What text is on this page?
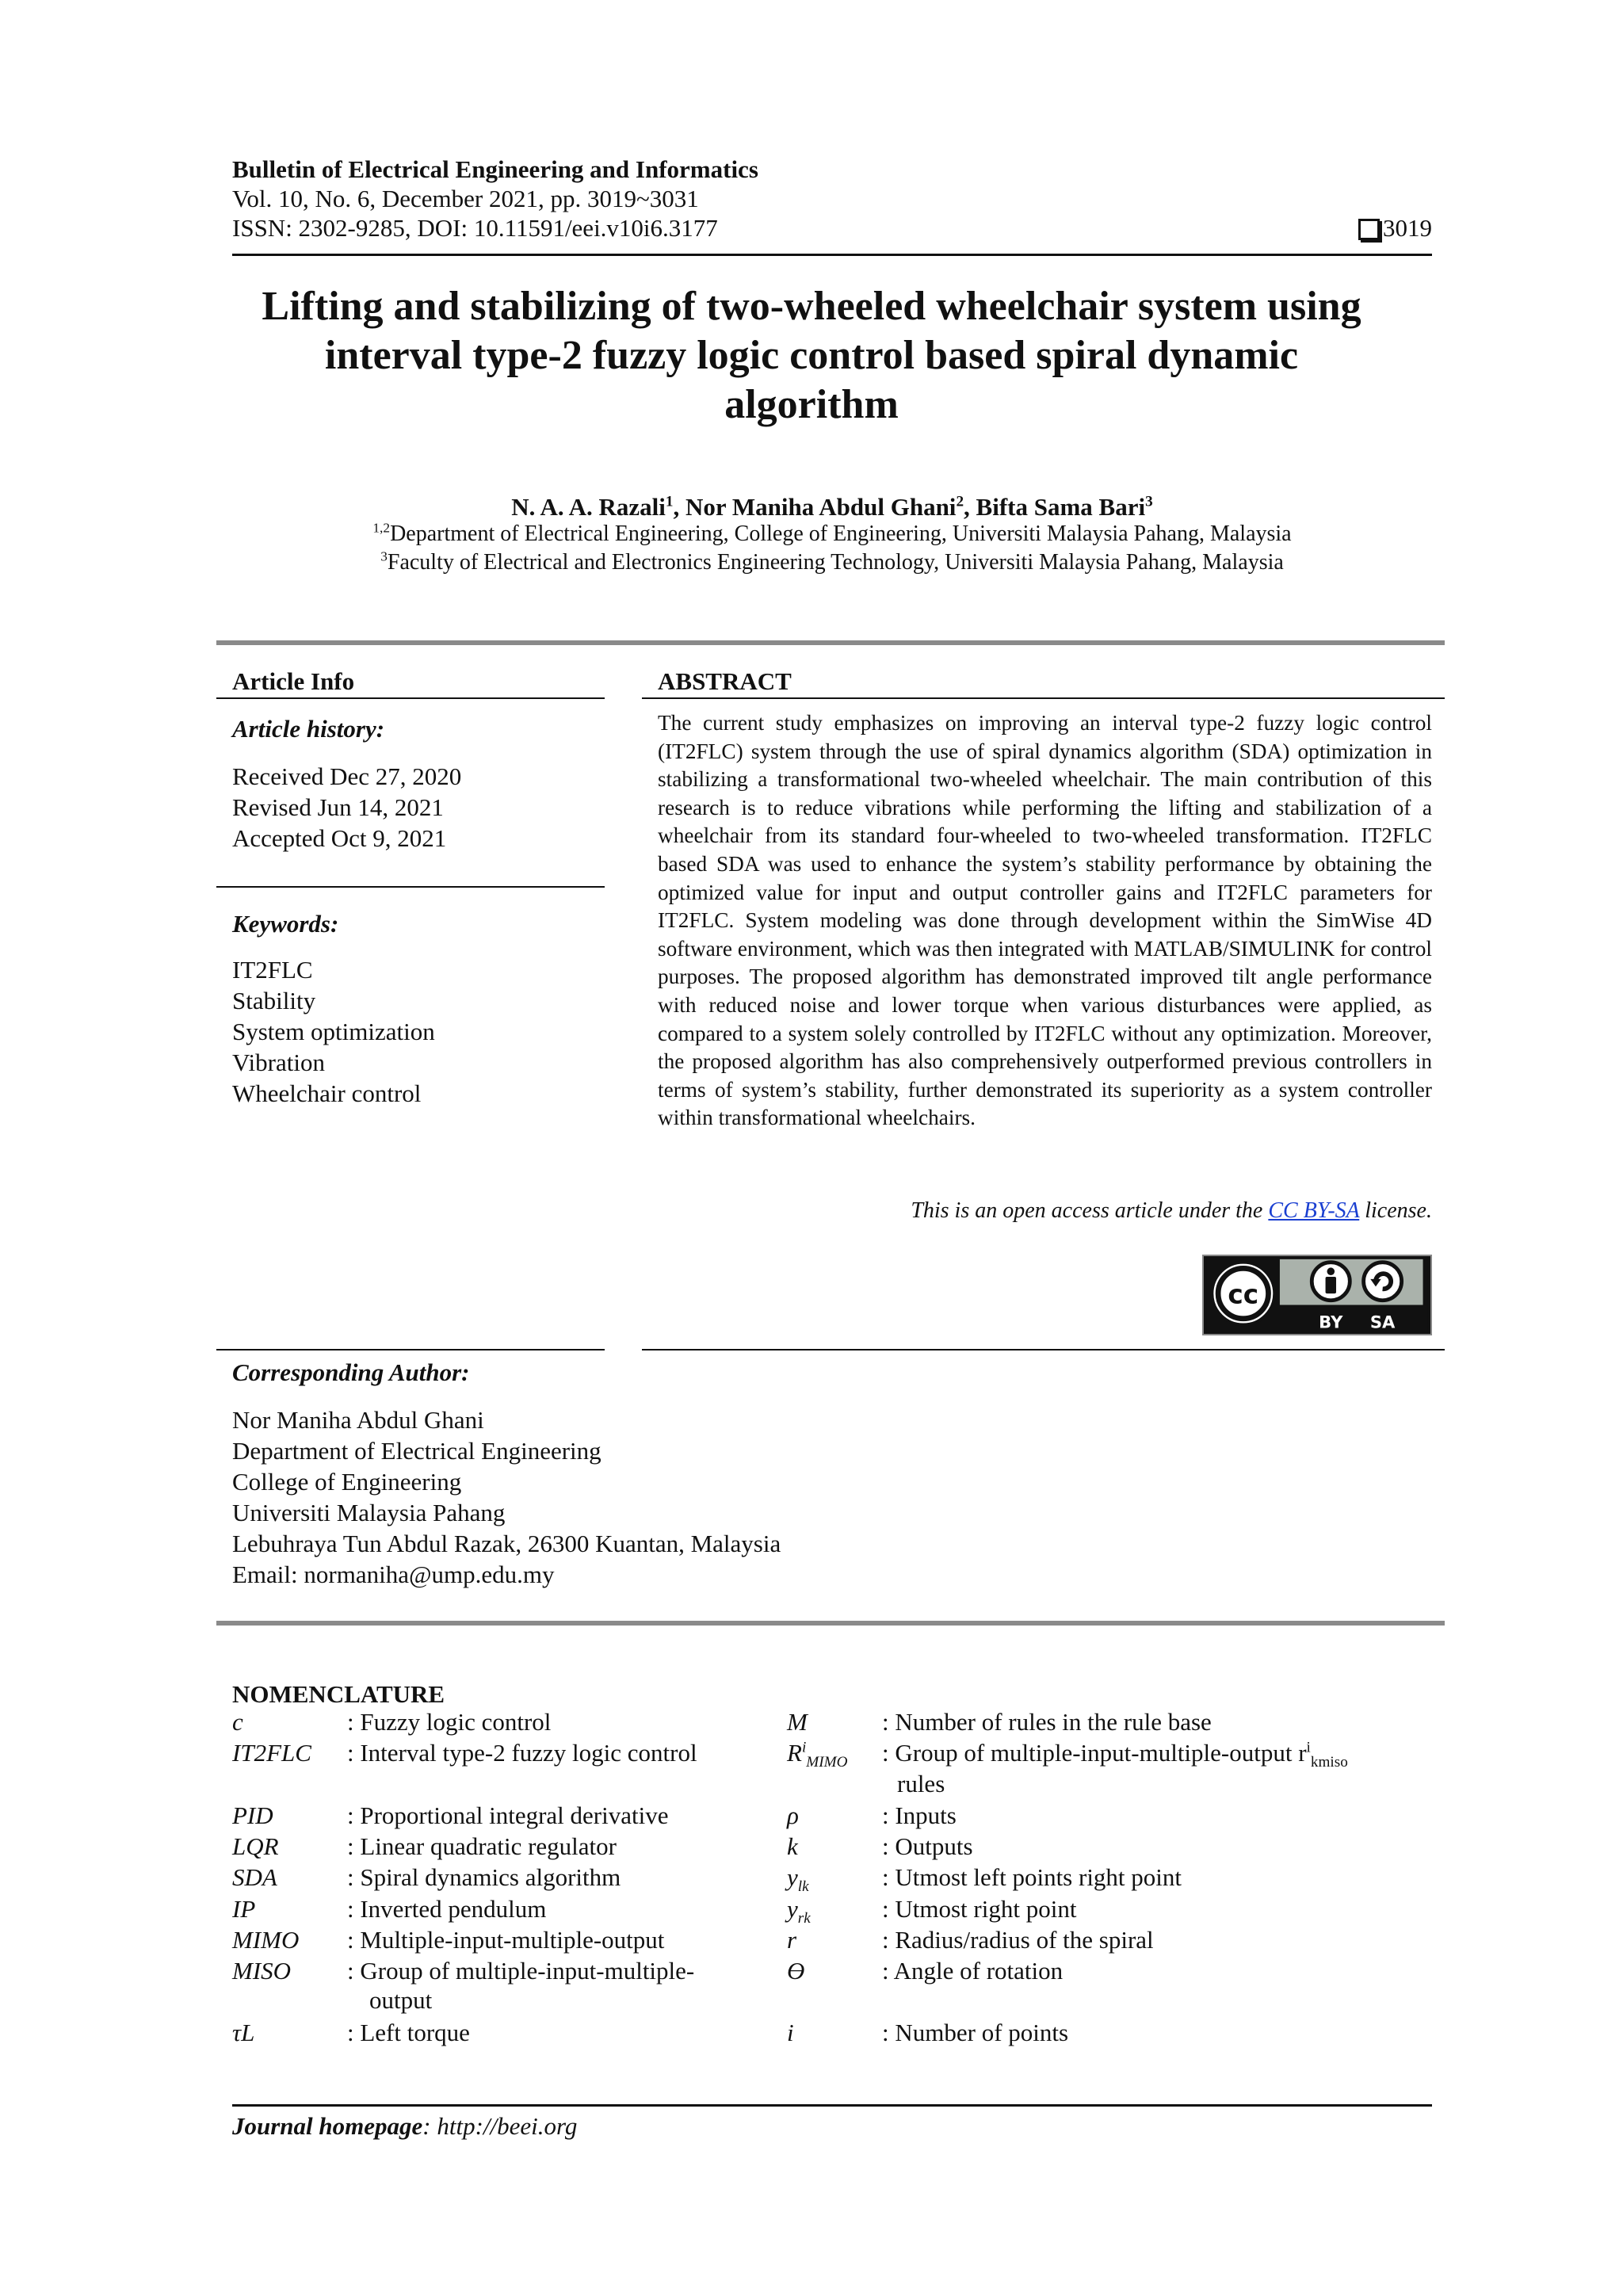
Bulletin of Electrical Engineering and Informatics
Vol. 10, No. 6, December 2021, pp. 3019~3031
ISSN: 2302-9285, DOI: 10.11591/eei.v10i6.3177	3019
Lifting and stabilizing of two-wheeled wheelchair system using
interval type-2 fuzzy logic control based spiral dynamic
algorithm
N. A. A. Razali$^1$, Nor Maniha Abdul Ghani$^2$, Bifta Sama Bari$^3$
$^{1,2}$Department of Electrical Engineering, College of Engineering, Universiti Malaysia Pahang, Malaysia
$^3$Faculty of Electrical and Electronics Engineering Technology, Universiti Malaysia Pahang, Malaysia
Article Info
Article history:
Received Dec 27, 2020
Revised Jun 14, 2021
Accepted Oct 9, 2021
Keywords:
IT2FLC
Stability
System optimization
Vibration
Wheelchair control
ABSTRACT
The current study emphasizes on improving an interval type-2 fuzzy logic control (IT2FLC) system through the use of spiral dynamics algorithm (SDA) optimization in stabilizing a transformational two-wheeled wheelchair. The main contribution of this research is to reduce vibrations while performing the lifting and stabilization of a wheelchair from its standard four-wheeled to two-wheeled transformation. IT2FLC based SDA was used to enhance the system’s stability performance by obtaining the optimized value for input and output controller gains and IT2FLC parameters for IT2FLC. System modeling was done through development within the SimWise 4D software environment, which was then integrated with MATLAB/SIMULINK for control purposes. The proposed algorithm has demonstrated improved tilt angle performance with reduced noise and lower torque when various disturbances were applied, as compared to a system solely controlled by IT2FLC without any optimization. Moreover, the proposed algorithm has also comprehensively outperformed previous controllers in terms of system’s stability, further demonstrated its superiority as a system controller within transformational wheelchairs.
This is an open access article under the CC BY-SA license.
cc
BY SA
Corresponding Author:
Nor Maniha Abdul Ghani
Department of Electrical Engineering
College of Engineering
Universiti Malaysia Pahang
Lebuhraya Tun Abdul Razak, 26300 Kuantan, Malaysia
Email: normaniha@ump.edu.my
NOMENCLATURE
c	: Fuzzy logic control
IT2FLC : Interval type-2 fuzzy logic control
PID	: Proportional integral derivative
LQR	: Linear quadratic regulator
SDA	: Spiral dynamics algorithm
IP	: Inverted pendulum
MIMO : Multiple-input-multiple-output
MISO : Group of multiple-input-multiple-
output
τL	: Left torque
M	: Number of rules in the rule base
$R^i_{MIMO}$ : Group of multiple-input-multiple-output $r^i_{kmiso}$
rules
ρ	: Inputs
k	: Outputs
$y_{lk}$	: Utmost left points right point
$y_{rk}$	: Utmost right point
r	: Radius/radius of the spiral
Ө	: Angle of rotation
i	: Number of points
Journal homepage: http://beei.org
